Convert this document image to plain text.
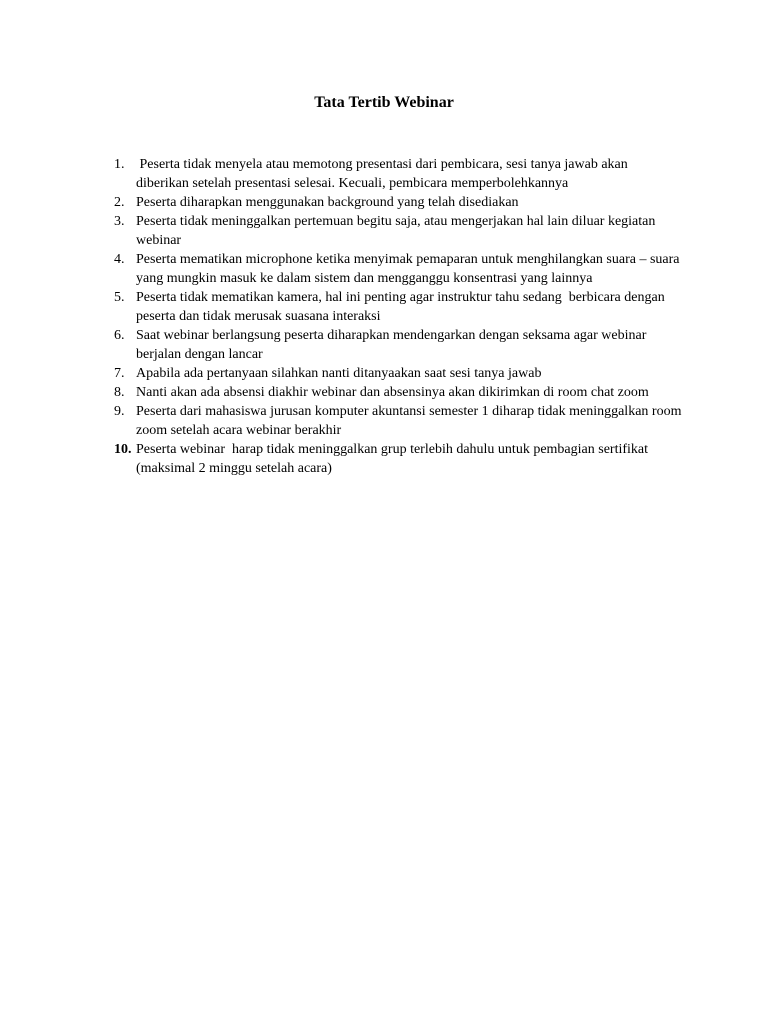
Tata Tertib Webinar
1. Peserta tidak menyela atau memotong presentasi dari pembicara, sesi tanya jawab akan diberikan setelah presentasi selesai. Kecuali, pembicara memperbolehkannya
2. Peserta diharapkan menggunakan background yang telah disediakan
3. Peserta tidak meninggalkan pertemuan begitu saja, atau mengerjakan hal lain diluar kegiatan webinar
4. Peserta mematikan microphone ketika menyimak pemaparan untuk menghilangkan suara – suara yang mungkin masuk ke dalam sistem dan mengganggu konsentrasi yang lainnya
5. Peserta tidak mematikan kamera, hal ini penting agar instruktur tahu sedang  berbicara dengan peserta dan tidak merusak suasana interaksi
6. Saat webinar berlangsung peserta diharapkan mendengarkan dengan seksama agar webinar berjalan dengan lancar
7. Apabila ada pertanyaan silahkan nanti ditanyaakan saat sesi tanya jawab
8. Nanti akan ada absensi diakhir webinar dan absensinya akan dikirimkan di room chat zoom
9. Peserta dari mahasiswa jurusan komputer akuntansi semester 1 diharap tidak meninggalkan room zoom setelah acara webinar berakhir
10. Peserta webinar  harap tidak meninggalkan grup terlebih dahulu untuk pembagian sertifikat (maksimal 2 minggu setelah acara)
